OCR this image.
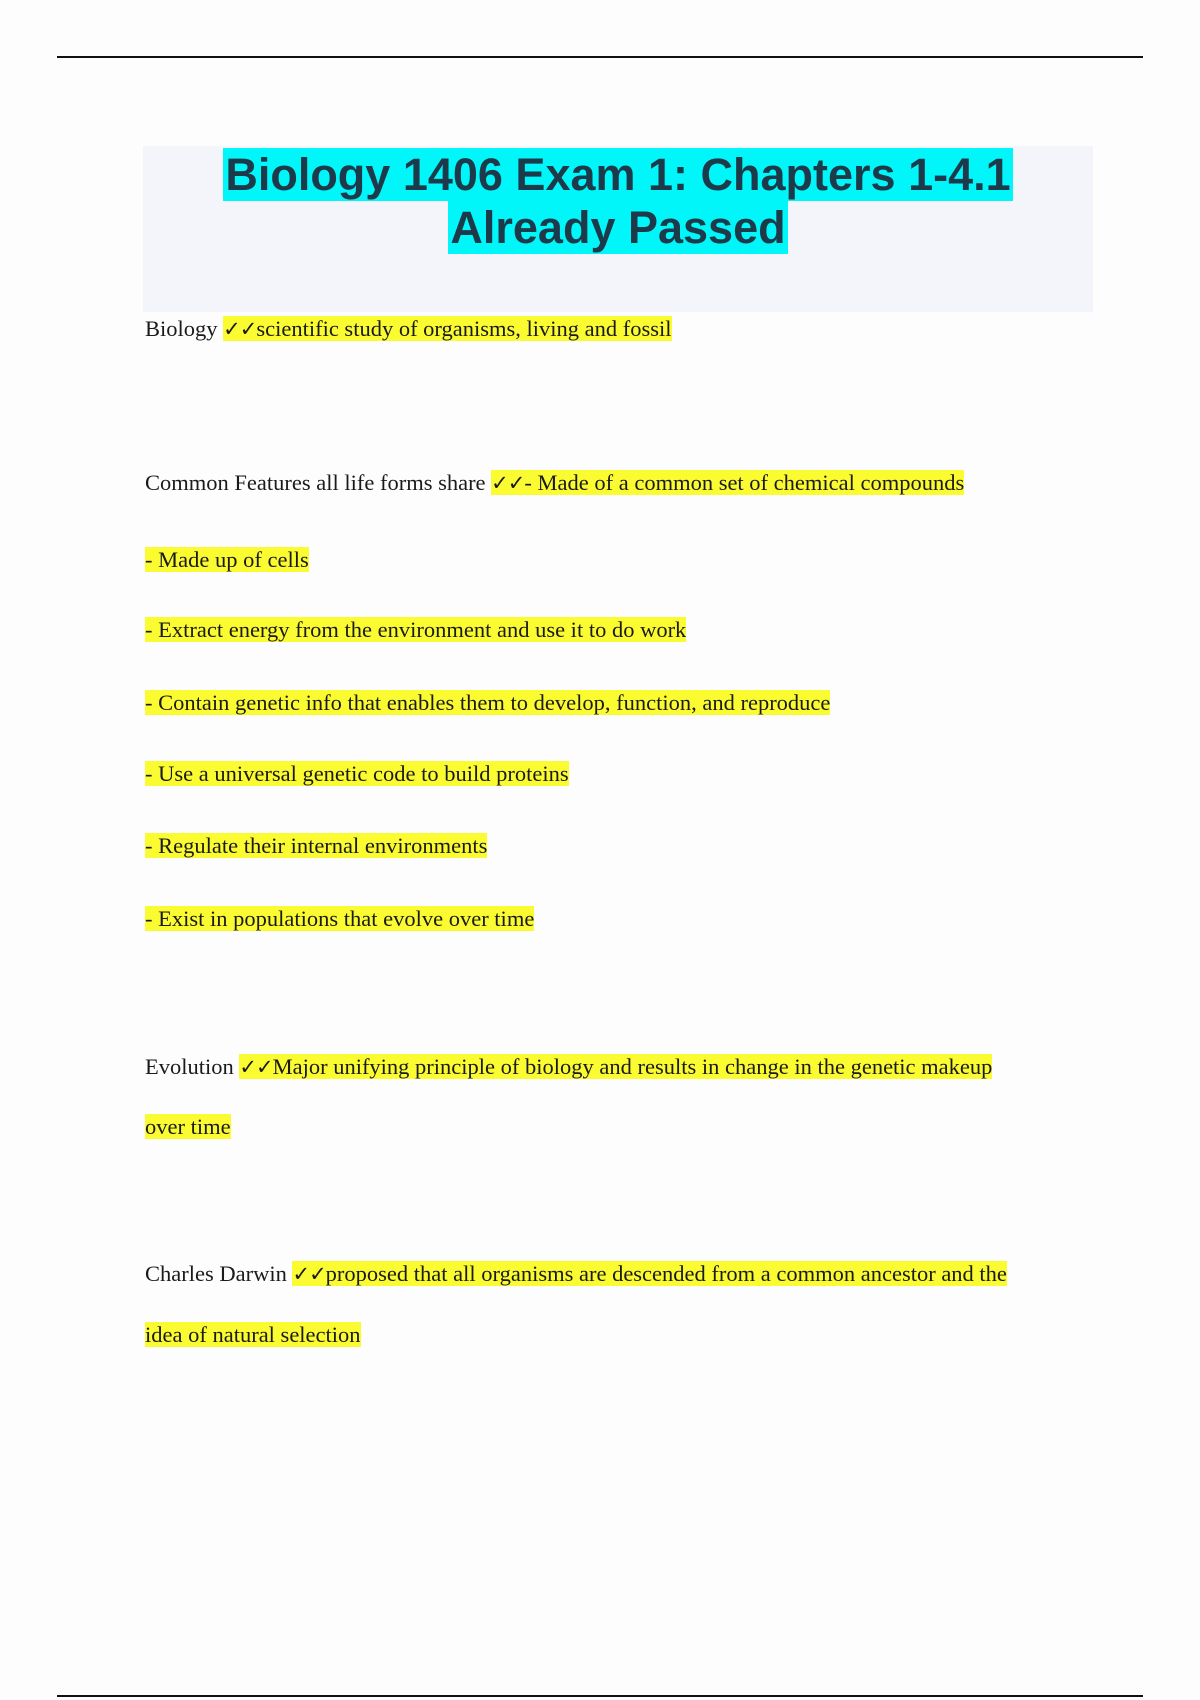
Biology 1406 Exam 1: Chapters 1-4.1
Already Passed
Biology ✓✓scientific study of organisms, living and fossil
Common Features all life forms share ✓✓- Made of a common set of chemical compounds
- Made up of cells
- Extract energy from the environment and use it to do work
- Contain genetic info that enables them to develop, function, and reproduce
- Use a universal genetic code to build proteins
- Regulate their internal environments
- Exist in populations that evolve over time
Evolution ✓✓Major unifying principle of biology and results in change in the genetic makeup
over time
Charles Darwin ✓✓proposed that all organisms are descended from a common ancestor and the
idea of natural selection
